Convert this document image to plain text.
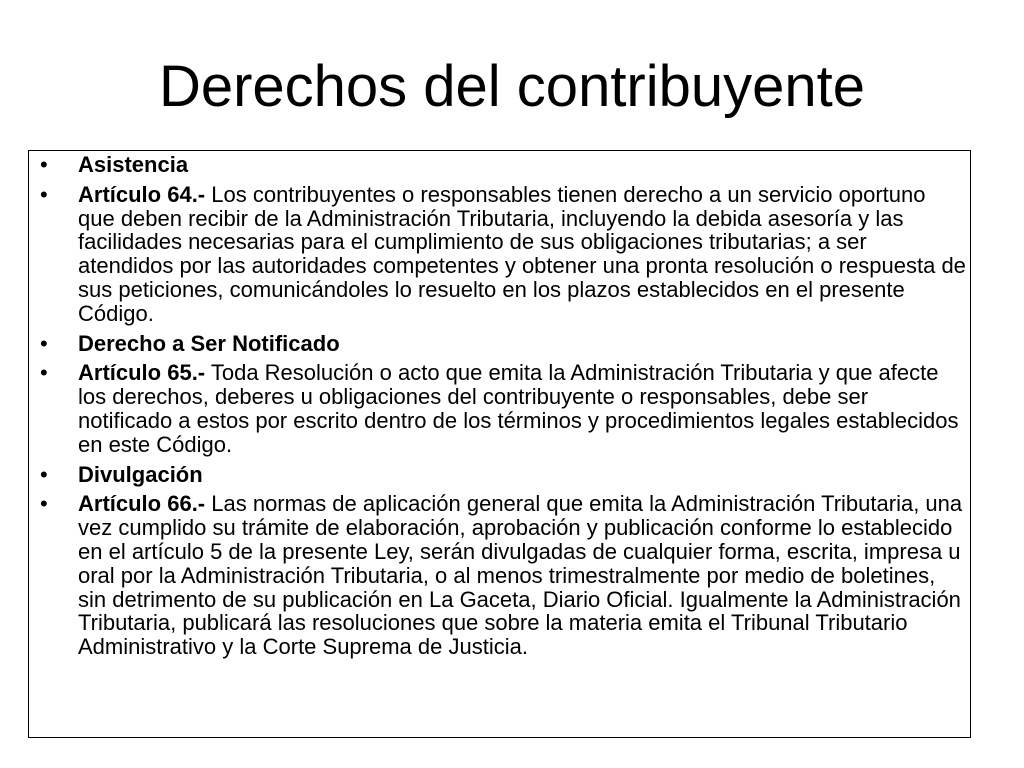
Derechos del contribuyente
• Asistencia
• Artículo 64.- Los contribuyentes o responsables tienen derecho a un servicio oportuno que deben recibir de la Administración Tributaria, incluyendo la debida asesoría y las facilidades necesarias para el cumplimiento de sus obligaciones tributarias; a ser atendidos por las autoridades competentes y obtener una pronta resolución o respuesta de sus peticiones, comunicándoles lo resuelto en los plazos establecidos en el presente Código.
• Derecho a Ser Notificado
• Artículo 65.- Toda Resolución o acto que emita la Administración Tributaria y que afecte los derechos, deberes u obligaciones del contribuyente o responsables, debe ser notificado a estos por escrito dentro de los términos y procedimientos legales establecidos en este Código.
• Divulgación
• Artículo 66.- Las normas de aplicación general que emita la Administración Tributaria, una vez cumplido su trámite de elaboración, aprobación y publicación conforme lo establecido en el artículo 5 de la presente Ley, serán divulgadas de cualquier forma, escrita, impresa u oral por la Administración Tributaria, o al menos trimestralmente por medio de boletines, sin detrimento de su publicación en La Gaceta, Diario Oficial. Igualmente la Administración Tributaria, publicará las resoluciones que sobre la materia emita el Tribunal Tributario Administrativo y la Corte Suprema de Justicia.
